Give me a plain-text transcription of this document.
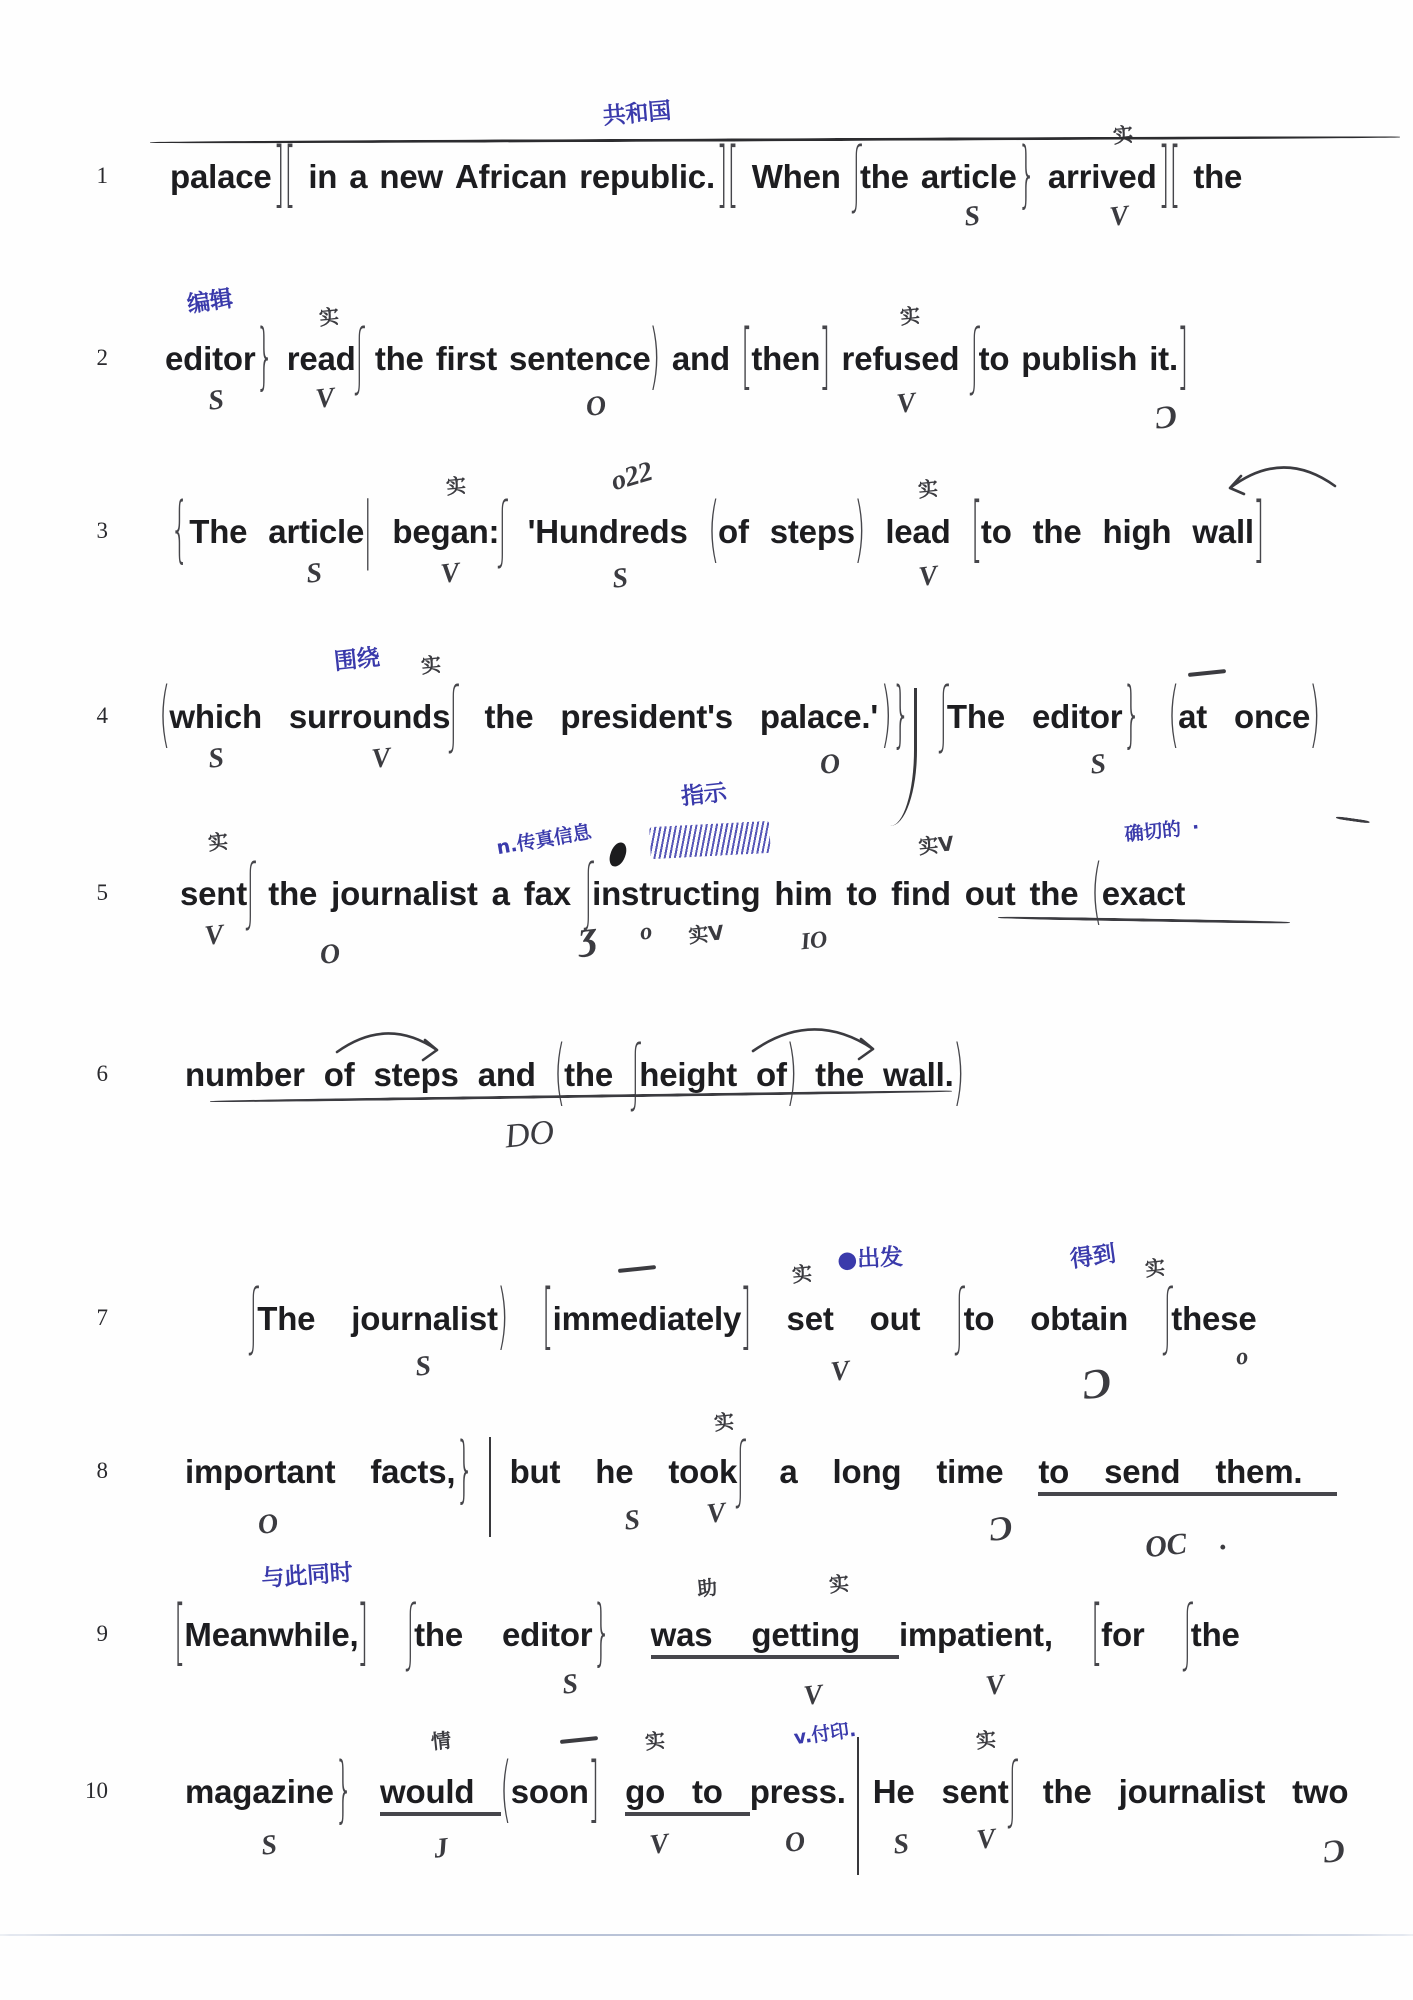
1 palace][ in a new African republic.][
共和国
When ʃthe article}
S
arrived][
实
V
the
2 editor}
编辑
S
readʃ
实
V
the first sentence)
O
and [then] refused
实
V
ʃto publish it.]
Ɔ
3 {The article|
S
began:ʃ
实
V
'Hundreds
o22
S
(of steps) lead
实
V
[to the high wall]
4 (which
S
surroundsʃ
围绕 实
V
the president's palace.')}
O
ʃThe editor}
S
(at once)
5 sentʃ
实
V
the
O
journalist a fax
n.传真信息
ʒ
ʃinstructing
指示
o 实V
him
IO
to find
实V
out the (exact
确切的 ·
6 number of steps and (the ʃheight of) the wall.)
7	ʃThe journalist)
S
[immediately] set
实
●出发
V
out ʃto obtain
得到 实
Ɔ
ʃthese
o
8 important
O
facts,} but he
S
tookʃ
实
V
a long time
Ɔ
to send
OC .
them.
9 [Meanwhile,]
与此同时
ʃthe editor}
S
was
助
getting
实
V
impatient,
V
[for ʃthe
10 magazine}
S
would
情
J
(soon] go
实
V
to press.
v.付印.
O
He
S
sentʃ
实
V
the journalist two
Ɔ
DO
